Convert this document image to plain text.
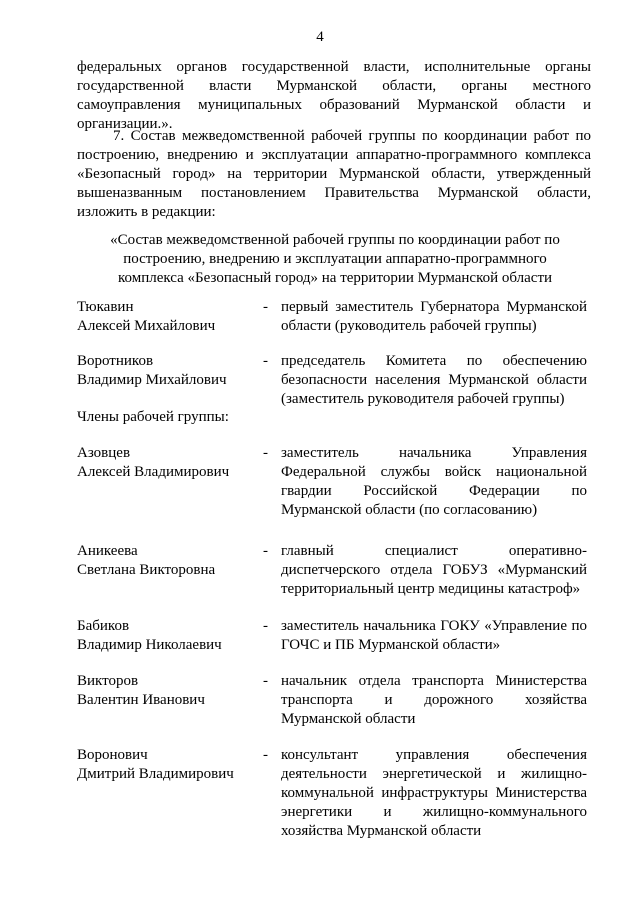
4
федеральных органов государственной власти, исполнительные органы государственной власти Мурманской области, органы местного самоуправления муниципальных образований Мурманской области и организации.».
7. Состав межведомственной рабочей группы по координации работ по построению, внедрению и эксплуатации аппаратно-программного комплекса «Безопасный город» на территории Мурманской области, утвержденный вышеназванным постановлением Правительства Мурманской области, изложить в редакции:
«Состав межведомственной рабочей группы по координации работ по построению, внедрению и эксплуатации аппаратно-программного комплекса «Безопасный город» на территории Мурманской области
Тюкавин
Алексей Михайлович
- первый заместитель Губернатора Мурманской области (руководитель рабочей группы)
Воротников
Владимир Михайлович
- председатель Комитета по обеспечению безопасности населения Мурманской области (заместитель руководителя рабочей группы)
Члены рабочей группы:
Азовцев
Алексей Владимирович
- заместитель начальника Управления Федеральной службы войск национальной гвардии Российской Федерации по Мурманской области (по согласованию)
Аникеева
Светлана Викторовна
- главный специалист оперативно-диспетчерского отдела ГОБУЗ «Мурманский территориальный центр медицины катастроф»
Бабиков
Владимир Николаевич
- заместитель начальника ГОКУ «Управление по ГОЧС и ПБ Мурманской области»
Викторов
Валентин Иванович
- начальник отдела транспорта Министерства транспорта и дорожного хозяйства Мурманской области
Воронович
Дмитрий Владимирович
- консультант управления обеспечения деятельности энергетической и жилищно-коммунальной инфраструктуры Министерства энергетики и жилищно-коммунального хозяйства Мурманской области
